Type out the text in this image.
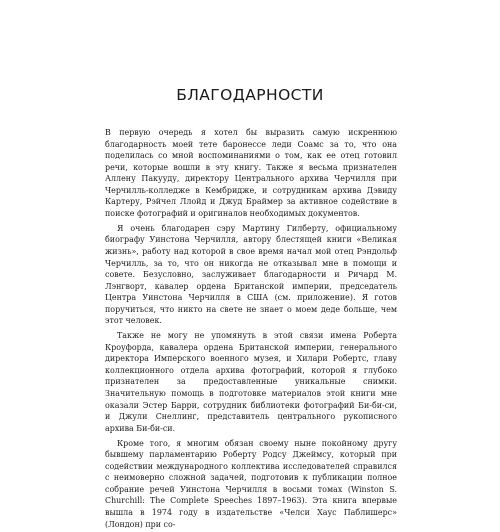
БЛАГОДАРНОСТИ

В первую очередь я хотел бы выразить самую искреннюю благодарность моей тете баронессе леди Соамс за то, что она поделилась со мной воспоминаниями о том, как ее отец готовил речи, которые вошли в эту книгу. Также я весьма признателен Аллену Пакууду, директору Центрального архива Черчилля при Черчилль-колледже в Кембридже, и сотрудникам архива Дэвиду Картеру, Рэйчел Ллойд и Джуд Браймер за активное содействие в поиске фотографий и оригиналов необходимых документов.

Я очень благодарен сэру Мартину Гилберту, официальному биографу Уинстона Черчилля, автору блестящей книги «Великая жизнь», работу над которой в свое время начал мой отец Рэндольф Черчилль, за то, что он никогда не отказывал мне в помощи и совете. Безусловно, заслуживает благодарности и Ричард М. Лэнгворт, кавалер ордена Британской империи, председатель Центра Уинстона Черчилля в США (см. приложение). Я готов поручиться, что никто на свете не знает о моем деде больше, чем этот человек.

Также не могу не упомянуть в этой связи имена Роберта Кроуфорда, кавалера ордена Британской империи, генерального директора Имперского военного музея, и Хилари Робертс, главу коллекционного отдела архива фотографий, которой я глубоко признателен за предоставленные уникальные снимки. Значительную помощь в подготовке материалов этой книги мне оказали Эстер Барри, сотрудник библиотеки фотографий Би-би-си, и Джули Снеллинг, представитель центрального рукописного архива Би-би-си.

Кроме того, я многим обязан своему ныне покойному другу бывшему парламентарию Роберту Родсу Джеймсу, который при содействии международного коллектива исследователей справился с неимоверно сложной задачей, подготовив к публикации полное собрание речей Уинстона Черчилля в восьми томах (Winston S. Churchill: The Complete Speeches 1897–1963). Эта книга впервые вышла в 1974 году в издательстве «Челси Хаус Паблишерс» (Лондон) при со-
